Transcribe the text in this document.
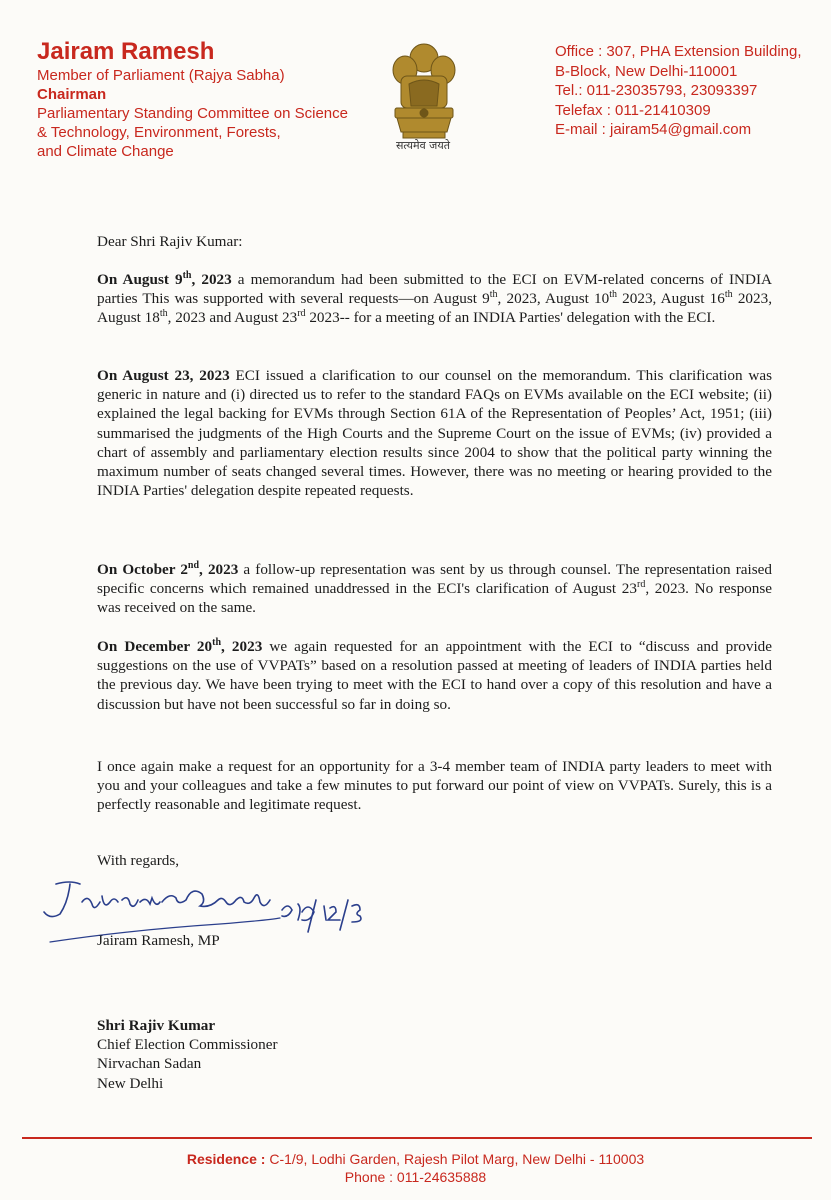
Jairam Ramesh
Member of Parliament (Rajya Sabha)
Chairman
Parliamentary Standing Committee on Science
& Technology, Environment, Forests,
and Climate Change	सत्यमेव जयते
Office : 307, PHA Extension Building,
B-Block, New Delhi-110001
Tel.: 011-23035793, 23093397
Telefax : 011-21410309
E-mail : jairam54@gmail.com
Dear Shri Rajiv Kumar:
On August 9th, 2023 a memorandum had been submitted to the ECI on EVM-related concerns of INDIA parties This was supported with several requests—on August 9th, 2023, August 10th 2023, August 16th 2023, August 18th, 2023 and August 23rd 2023-- for a meeting of an INDIA Parties' delegation with the ECI.
On August 23, 2023 ECI issued a clarification to our counsel on the memorandum. This clarification was generic in nature and (i) directed us to refer to the standard FAQs on EVMs available on the ECI website; (ii) explained the legal backing for EVMs through Section 61A of the Representation of Peoples’ Act, 1951; (iii) summarised the judgments of the High Courts and the Supreme Court on the issue of EVMs; (iv) provided a chart of assembly and parliamentary election results since 2004 to show that the political party winning the maximum number of seats changed several times. However, there was no meeting or hearing provided to the INDIA Parties' delegation despite repeated requests.
On October 2nd, 2023 a follow-up representation was sent by us through counsel. The representation raised specific concerns which remained unaddressed in the ECI's clarification of August 23rd, 2023. No response was received on the same.
On December 20th, 2023 we again requested for an appointment with the ECI to “discuss and provide suggestions on the use of VVPATs” based on a resolution passed at meeting of leaders of INDIA parties held the previous day. We have been trying to meet with the ECI to hand over a copy of this resolution and have a discussion but have not been successful so far in doing so.
I once again make a request for an opportunity for a 3-4 member team of INDIA party leaders to meet with you and your colleagues and take a few minutes to put forward our point of view on VVPATs. Surely, this is a perfectly reasonable and legitimate request.
With regards,
Jairam Ramesh, MP
Shri Rajiv Kumar
Chief Election Commissioner
Nirvachan Sadan
New Delhi
Residence : C-1/9, Lodhi Garden, Rajesh Pilot Marg, New Delhi - 110003
Phone : 011-24635888
